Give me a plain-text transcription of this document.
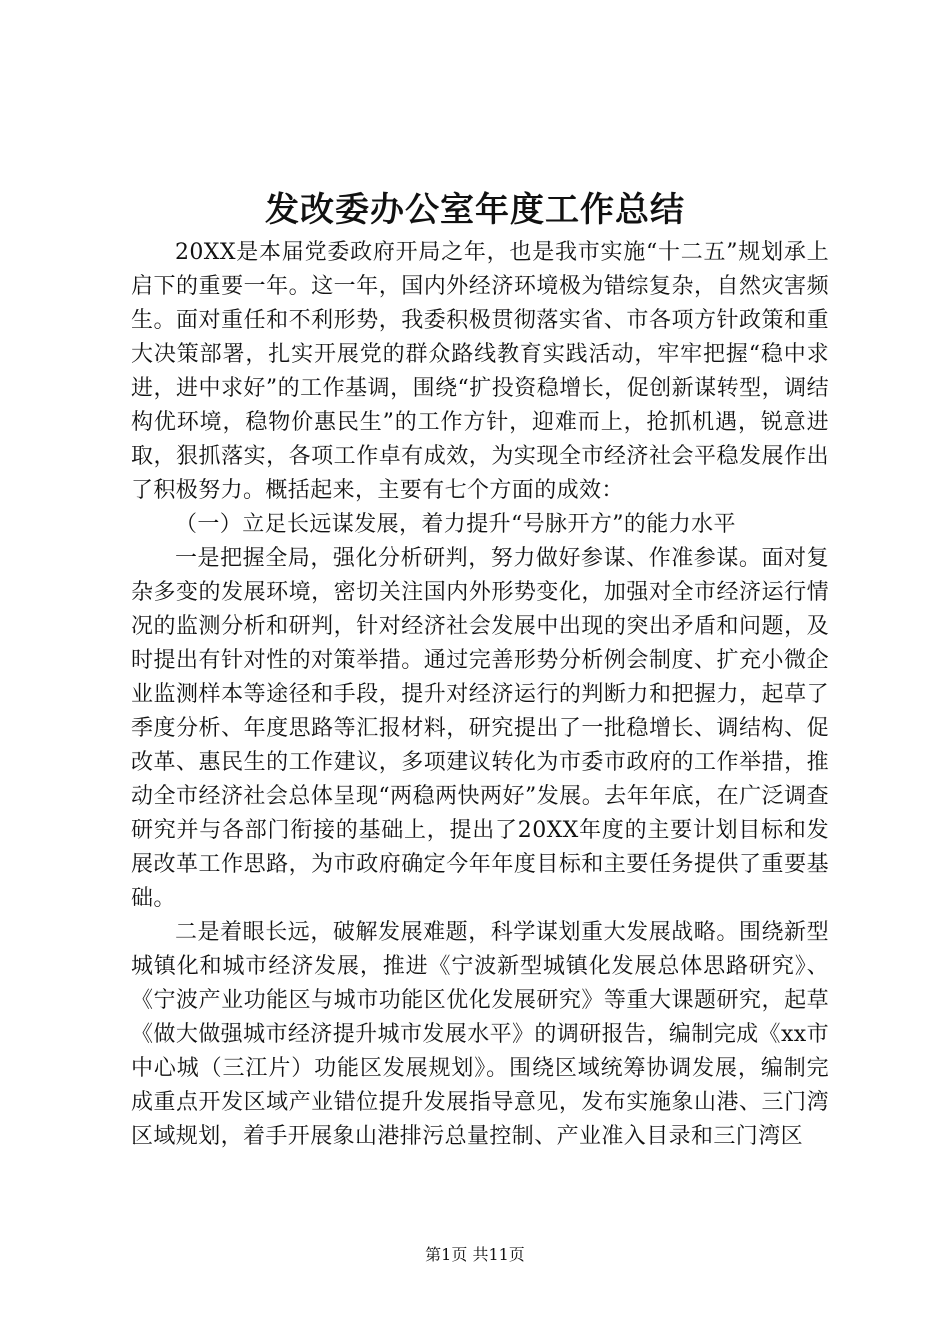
发改委办公室年度工作总结

20XX是本届党委政府开局之年，也是我市实施“十二五”规划承上启下的重要一年。这一年，国内外经济环境极为错综复杂，自然灾害频生。面对重任和不利形势，我委积极贯彻落实省、市各项方针政策和重大决策部署，扎实开展党的群众路线教育实践活动，牢牢把握“稳中求进，进中求好”的工作基调，围绕“扩投资稳增长，促创新谋转型，调结构优环境，稳物价惠民生”的工作方针，迎难而上，抢抓机遇，锐意进取，狠抓落实，各项工作卓有成效，为实现全市经济社会平稳发展作出了积极努力。概括起来，主要有七个方面的成效：

（一）立足长远谋发展，着力提升“号脉开方”的能力水平

一是把握全局，强化分析研判，努力做好参谋、作准参谋。面对复杂多变的发展环境，密切关注国内外形势变化，加强对全市经济运行情况的监测分析和研判，针对经济社会发展中出现的突出矛盾和问题，及时提出有针对性的对策举措。通过完善形势分析例会制度、扩充小微企业监测样本等途径和手段，提升对经济运行的判断力和把握力，起草了季度分析、年度思路等汇报材料，研究提出了一批稳增长、调结构、促改革、惠民生的工作建议，多项建议转化为市委市政府的工作举措，推动全市经济社会总体呈现“两稳两快两好”发展。去年年底，在广泛调查研究并与各部门衔接的基础上，提出了20XX年度的主要计划目标和发展改革工作思路，为市政府确定今年年度目标和主要任务提供了重要基础。

二是着眼长远，破解发展难题，科学谋划重大发展战略。围绕新型城镇化和城市经济发展，推进《宁波新型城镇化发展总体思路研究》、《宁波产业功能区与城市功能区优化发展研究》等重大课题研究，起草《做大做强城市经济提升城市发展水平》的调研报告，编制完成《xx市中心城（三江片）功能区发展规划》。围绕区域统筹协调发展，编制完成重点开发区域产业错位提升发展指导意见，发布实施象山港、三门湾区域规划，着手开展象山港排污总量控制、产业准入目录和三门湾区

第1页 共11页
